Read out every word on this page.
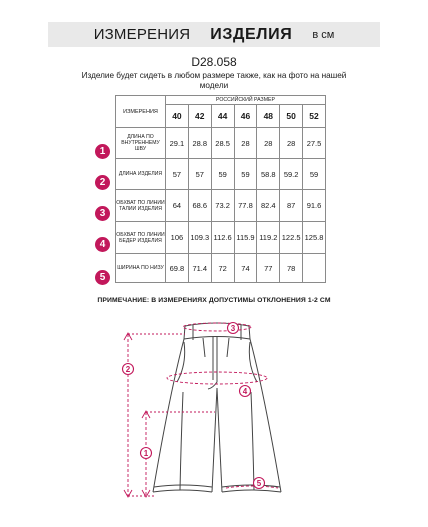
ИЗМЕРЕНИЯ ИЗДЕЛИЯ в см
D28.058
Изделие будет сидеть в любом размере также, как на фото на нашей модели
ИЗМЕРЕНИЯ	РОССИЙСКИЙ РАЗМЕР						
	40	42	44	46	48	50	52
ДЛИНА ПО ВНУТРЕННЕМУ ШВУ	29.1	28.8	28.5	28	28	28	27.5
ДЛИНА ИЗДЕЛИЯ	57	57	59	59	58.8	59.2	59
ОБХВАТ ПО ЛИНИИ ТАЛИИ ИЗДЕЛИЯ	64	68.6	73.2	77.8	82.4	87	91.6
ОБХВАТ ПО ЛИНИИ БЕДЕР ИЗДЕЛИЯ	106	109.3	112.6	115.9	119.2	122.5	125.8
ШИРИНА ПО НИЗУ	69.8	71.4	72	74	77	78	
1
2
3
4
5
ПРИМЕЧАНИЕ: В ИЗМЕРЕНИЯХ ДОПУСТИМЫ ОТКЛОНЕНИЯ 1-2 СМ
3
2
4
1
5
